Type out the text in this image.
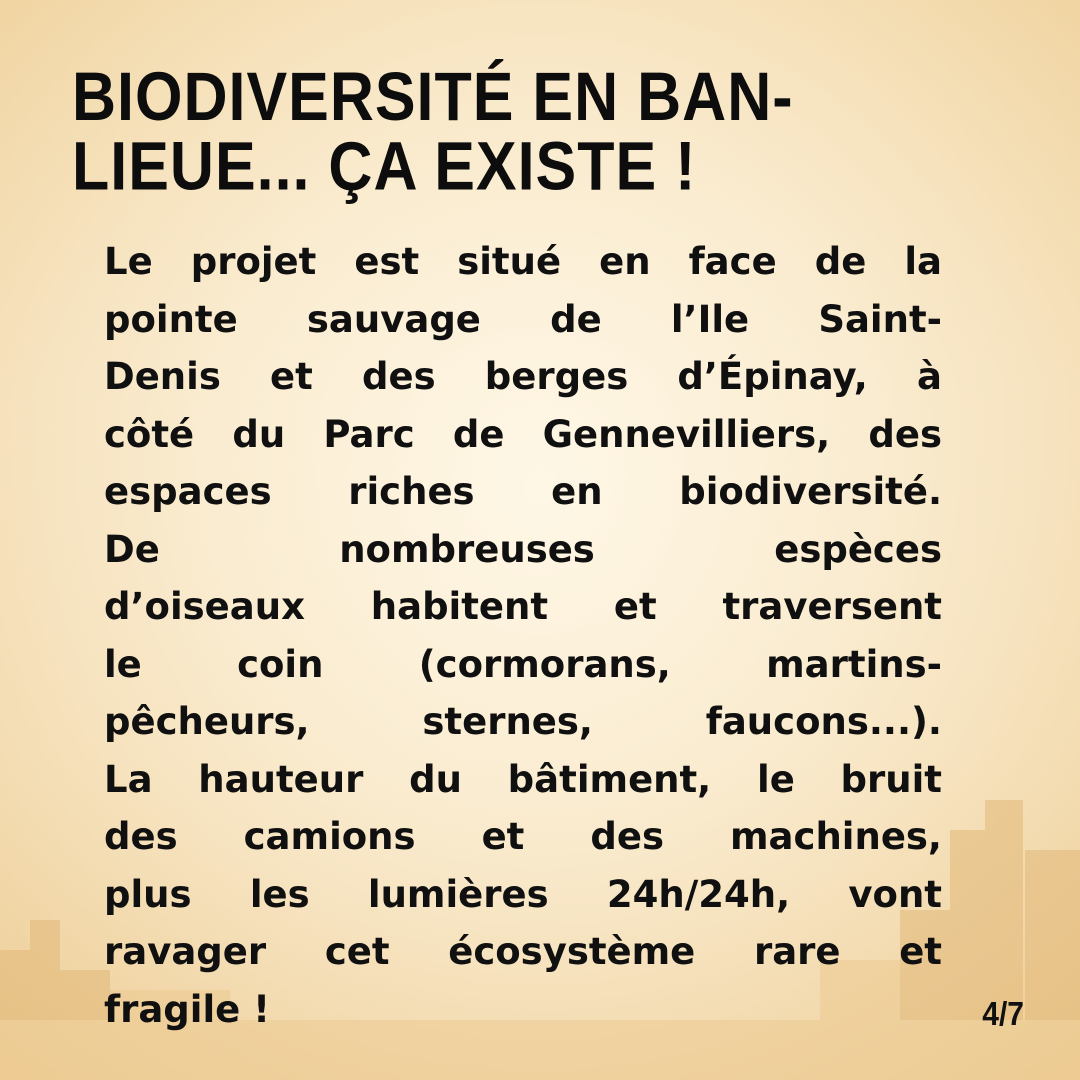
BIODIVERSITÉ EN BAN-
LIEUE... ÇA EXISTE !
Le projet est situé en face de la
pointe sauvage de l’Ile Saint-
Denis et des berges d’Épinay, à
côté du Parc de Gennevilliers, des
espaces riches en biodiversité.
De nombreuses espèces
d’oiseaux habitent et traversent
le coin (cormorans, martins-
pêcheurs, sternes, faucons...).
La hauteur du bâtiment, le bruit
des camions et des machines,
plus les lumières 24h/24h, vont
ravager cet écosystème rare et
fragile !	4/7
